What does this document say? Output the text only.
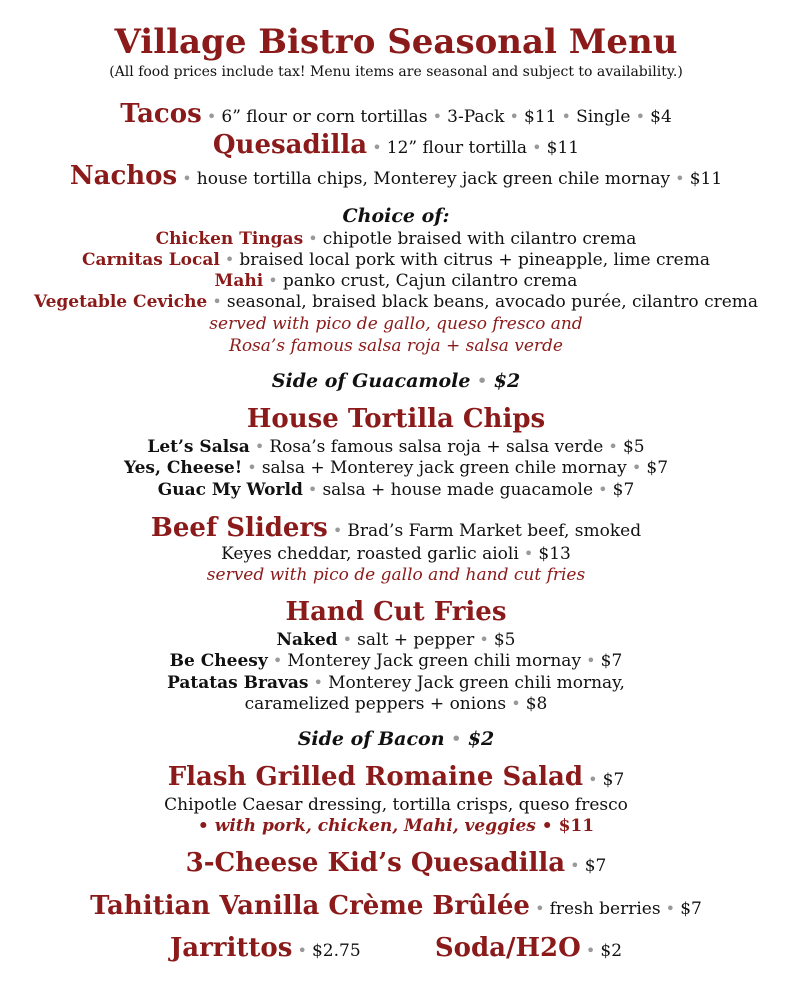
Village Bistro Seasonal Menu
(All food prices include tax! Menu items are seasonal and subject to availability.)
Tacos • 6” flour or corn tortillas • 3-Pack • $11 • Single • $4
Quesadilla • 12” flour tortilla • $11
Nachos • house tortilla chips, Monterey jack green chile mornay • $11
Choice of:
Chicken Tingas • chipotle braised with cilantro crema
Carnitas Local • braised local pork with citrus + pineapple, lime crema
Mahi • panko crust, Cajun cilantro crema
Vegetable Ceviche • seasonal, braised black beans, avocado purée, cilantro crema
served with pico de gallo, queso fresco and
Rosa’s famous salsa roja + salsa verde
Side of Guacamole • $2
House Tortilla Chips
Let’s Salsa • Rosa’s famous salsa roja + salsa verde • $5
Yes, Cheese! • salsa + Monterey jack green chile mornay • $7
Guac My World • salsa + house made guacamole • $7
Beef Sliders • Brad’s Farm Market beef, smoked
Keyes cheddar, roasted garlic aioli • $13
served with pico de gallo and hand cut fries
Hand Cut Fries
Naked • salt + pepper • $5
Be Cheesy • Monterey Jack green chili mornay • $7
Patatas Bravas • Monterey Jack green chili mornay,
caramelized peppers + onions • $8
Side of Bacon • $2
Flash Grilled Romaine Salad • $7
Chipotle Caesar dressing, tortilla crisps, queso fresco
• with pork, chicken, Mahi, veggies • $11
3-Cheese Kid’s Quesadilla • $7
Tahitian Vanilla Crème Brûlée • fresh berries • $7
Jarrittos • $2.75	Soda/H2O • $2
